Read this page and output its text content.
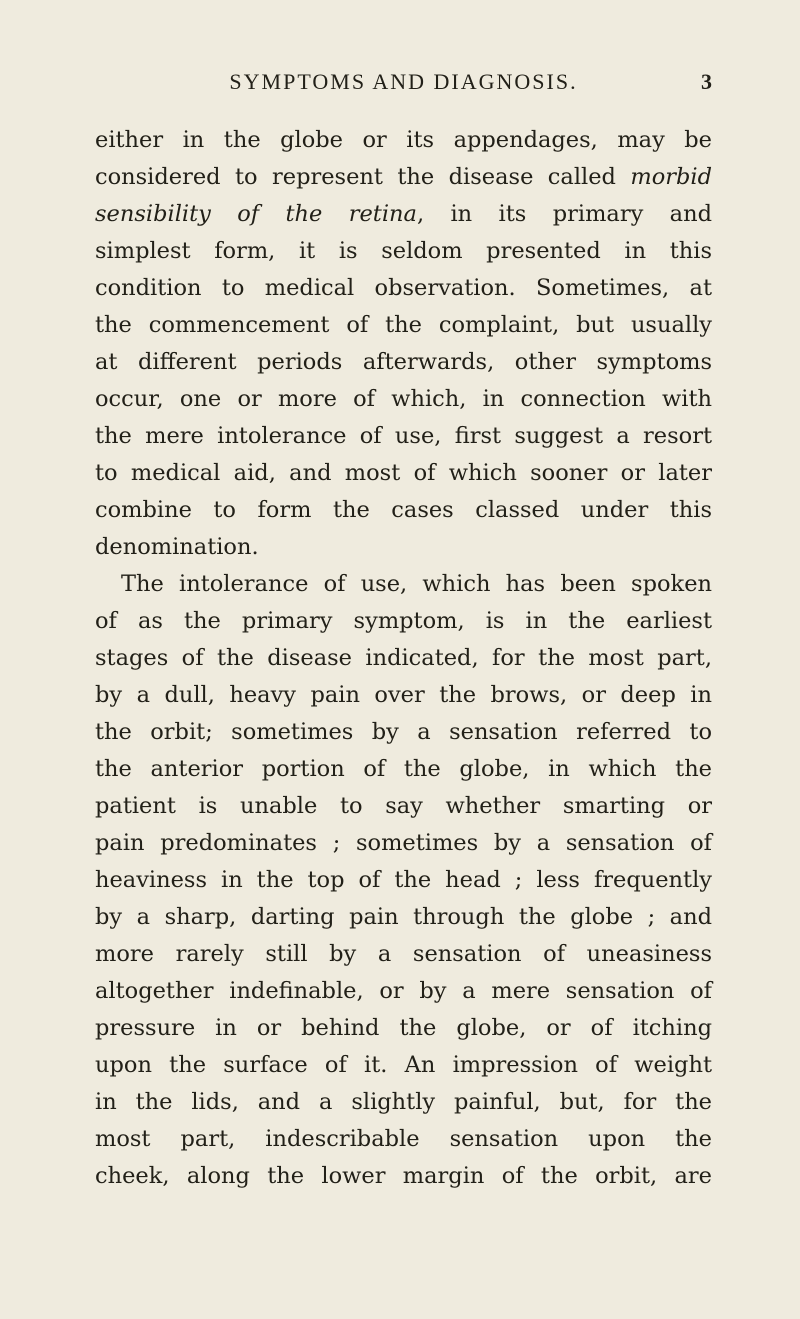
SYMPTOMS AND DIAGNOSIS.	3
either in the globe or its appendages, may be
considered to represent the disease called morbid
sensibility of the retina, in its primary and
simplest form, it is seldom presented in this
condition to medical observation. Sometimes, at
the commencement of the complaint, but usually
at different periods afterwards, other symptoms
occur, one or more of which, in connection with
the mere intolerance of use, first suggest a resort
to medical aid, and most of which sooner or later
combine to form the cases classed under this
denomination.
The intolerance of use, which has been spoken
of as the primary symptom, is in the earliest
stages of the disease indicated, for the most part,
by a dull, heavy pain over the brows, or deep in
the orbit; sometimes by a sensation referred to
the anterior portion of the globe, in which the
patient is unable to say whether smarting or
pain predominates ; sometimes by a sensation of
heaviness in the top of the head ; less frequently
by a sharp, darting pain through the globe ; and
more rarely still by a sensation of uneasiness
altogether indefinable, or by a mere sensation of
pressure in or behind the globe, or of itching
upon the surface of it. An impression of weight
in the lids, and a slightly painful, but, for the
most part, indescribable sensation upon the
cheek, along the lower margin of the orbit, are
